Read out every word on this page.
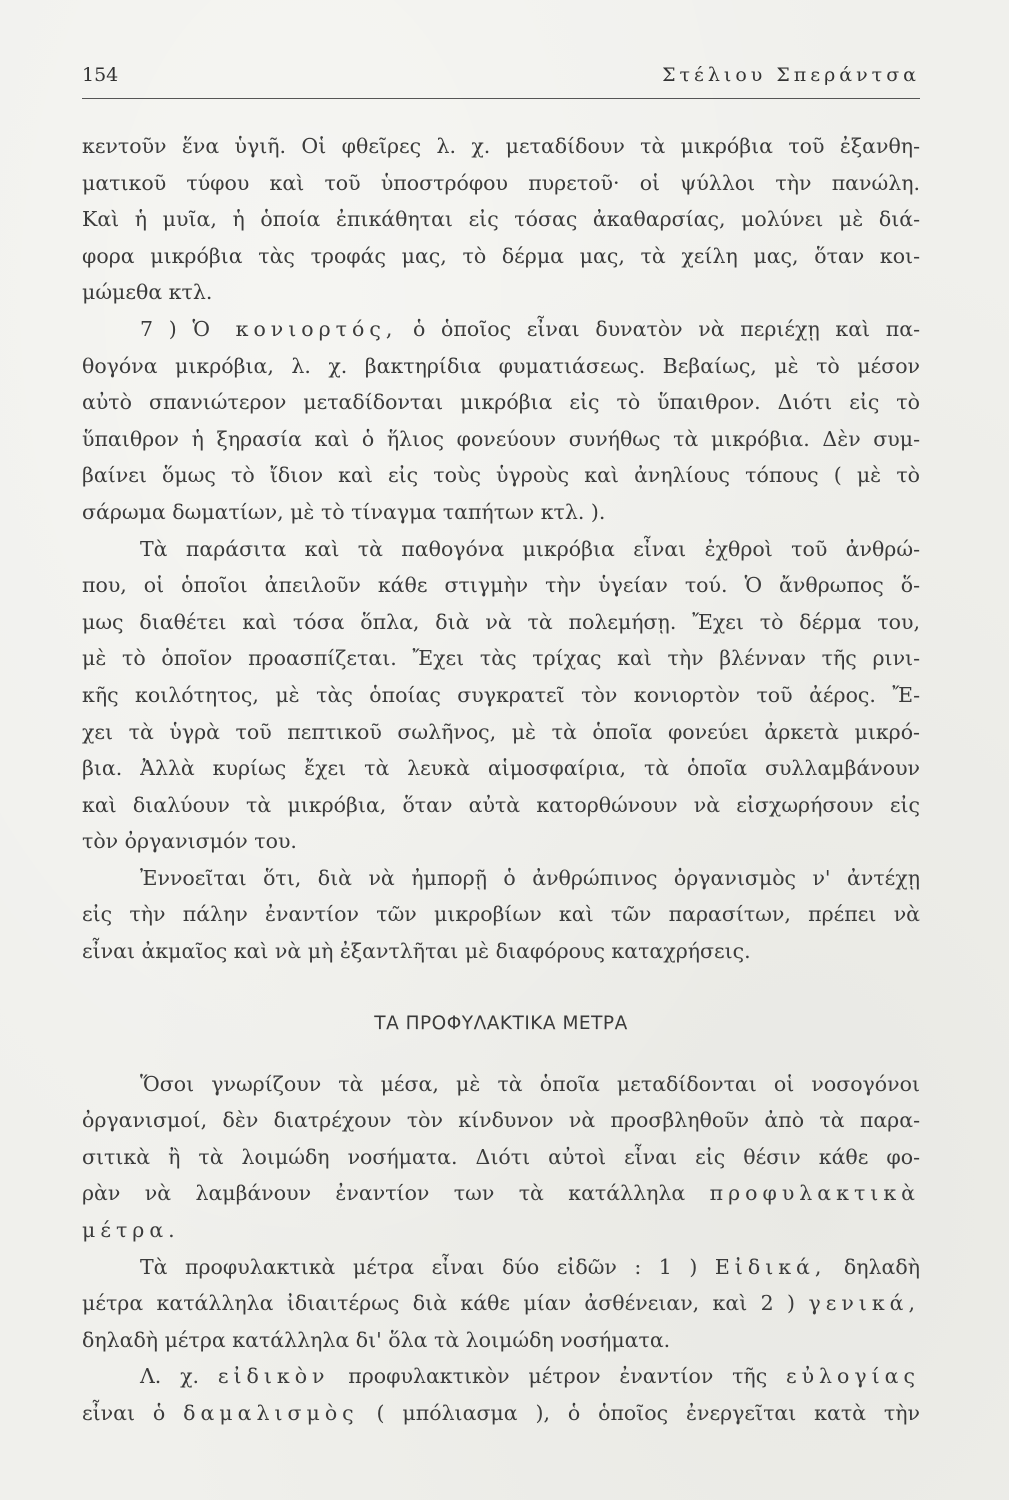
154	Στέλιου Σπεράντσα
κεντοῦν ἕνα ὑγιῆ. Οἱ φθεῖρες λ. χ. μεταδίδουν τὰ μικρόβια τοῦ ἐξανθη-
ματικοῦ τύφου καὶ τοῦ ὑποστρόφου πυρετοῦ· οἱ ψύλλοι τὴν πανώλη.
Καὶ ἡ μυῖα, ἡ ὁποία ἐπικάθηται εἰς τόσας ἀκαθαρσίας, μολύνει μὲ διά-
φορα μικρόβια τὰς τροφάς μας, τὸ δέρμα μας, τὰ χείλη μας, ὅταν κοι-
μώμεθα κτλ.
7 ) Ὁ κονιορτός, ὁ ὁποῖος εἶναι δυνατὸν νὰ περιέχῃ καὶ πα-
θογόνα μικρόβια, λ. χ. βακτηρίδια φυματιάσεως. Βεβαίως, μὲ τὸ μέσον
αὐτὸ σπανιώτερον μεταδίδονται μικρόβια εἰς τὸ ὕπαιθρον. Διότι εἰς τὸ
ὕπαιθρον ἡ ξηρασία καὶ ὁ ἥλιος φονεύουν συνήθως τὰ μικρόβια. Δὲν συμ-
βαίνει ὅμως τὸ ἴδιον καὶ εἰς τοὺς ὑγροὺς καὶ ἀνηλίους τόπους ( μὲ τὸ
σάρωμα δωματίων, μὲ τὸ τίναγμα ταπήτων κτλ. ).
Τὰ παράσιτα καὶ τὰ παθογόνα μικρόβια εἶναι ἐχθροὶ τοῦ ἀνθρώ-
που, οἱ ὁποῖοι ἀπειλοῦν κάθε στιγμὴν τὴν ὑγείαν τού. Ὁ ἄνθρωπος ὅ-
μως διαθέτει καὶ τόσα ὅπλα, διὰ νὰ τὰ πολεμήσῃ. Ἔχει τὸ δέρμα του,
μὲ τὸ ὁποῖον προασπίζεται. Ἔχει τὰς τρίχας καὶ τὴν βλένναν τῆς ρινι-
κῆς κοιλότητος, μὲ τὰς ὁποίας συγκρατεῖ τὸν κονιορτὸν τοῦ ἀέρος. Ἔ-
χει τὰ ὑγρὰ τοῦ πεπτικοῦ σωλῆνος, μὲ τὰ ὁποῖα φονεύει ἀρκετὰ μικρό-
βια. Ἀλλὰ κυρίως ἔχει τὰ λευκὰ αἱμοσφαίρια, τὰ ὁποῖα συλλαμβάνουν
καὶ διαλύουν τὰ μικρόβια, ὅταν αὐτὰ κατορθώνουν νὰ εἰσχωρήσουν εἰς
τὸν ὀργανισμόν του.
Ἐννοεῖται ὅτι, διὰ νὰ ἠμπορῇ ὁ ἀνθρώπινος ὀργανισμὸς ν' ἀντέχῃ
εἰς τὴν πάλην ἐναντίον τῶν μικροβίων καὶ τῶν παρασίτων, πρέπει νὰ
εἶναι ἀκμαῖος καὶ νὰ μὴ ἐξαντλῆται μὲ διαφόρους καταχρήσεις.
ΤΑ ΠΡΟΦΥΛΑΚΤΙΚΑ ΜΕΤΡΑ
Ὅσοι γνωρίζουν τὰ μέσα, μὲ τὰ ὁποῖα μεταδίδονται οἱ νοσογόνοι
ὀργανισμοί, δὲν διατρέχουν τὸν κίνδυνον νὰ προσβληθοῦν ἀπὸ τὰ παρα-
σιτικὰ ἢ τὰ λοιμώδη νοσήματα. Διότι αὐτοὶ εἶναι εἰς θέσιν κάθε φο-
ρὰν νὰ λαμβάνουν ἐναντίον των τὰ κατάλληλα προφυλακτικὰ
μέτρα.
Τὰ προφυλακτικὰ μέτρα εἶναι δύο εἰδῶν : 1 ) Εἰδικά, δηλαδὴ
μέτρα κατάλληλα ἰδιαιτέρως διὰ κάθε μίαν ἀσθένειαν, καὶ 2 ) γενικά,
δηλαδὴ μέτρα κατάλληλα δι' ὅλα τὰ λοιμώδη νοσήματα.
Λ. χ. εἰδικὸν προφυλακτικὸν μέτρον ἐναντίον τῆς εὐλογίας
εἶναι ὁ δαμαλισμὸς ( μπόλιασμα ), ὁ ὁποῖος ἐνεργεῖται κατὰ τὴν
